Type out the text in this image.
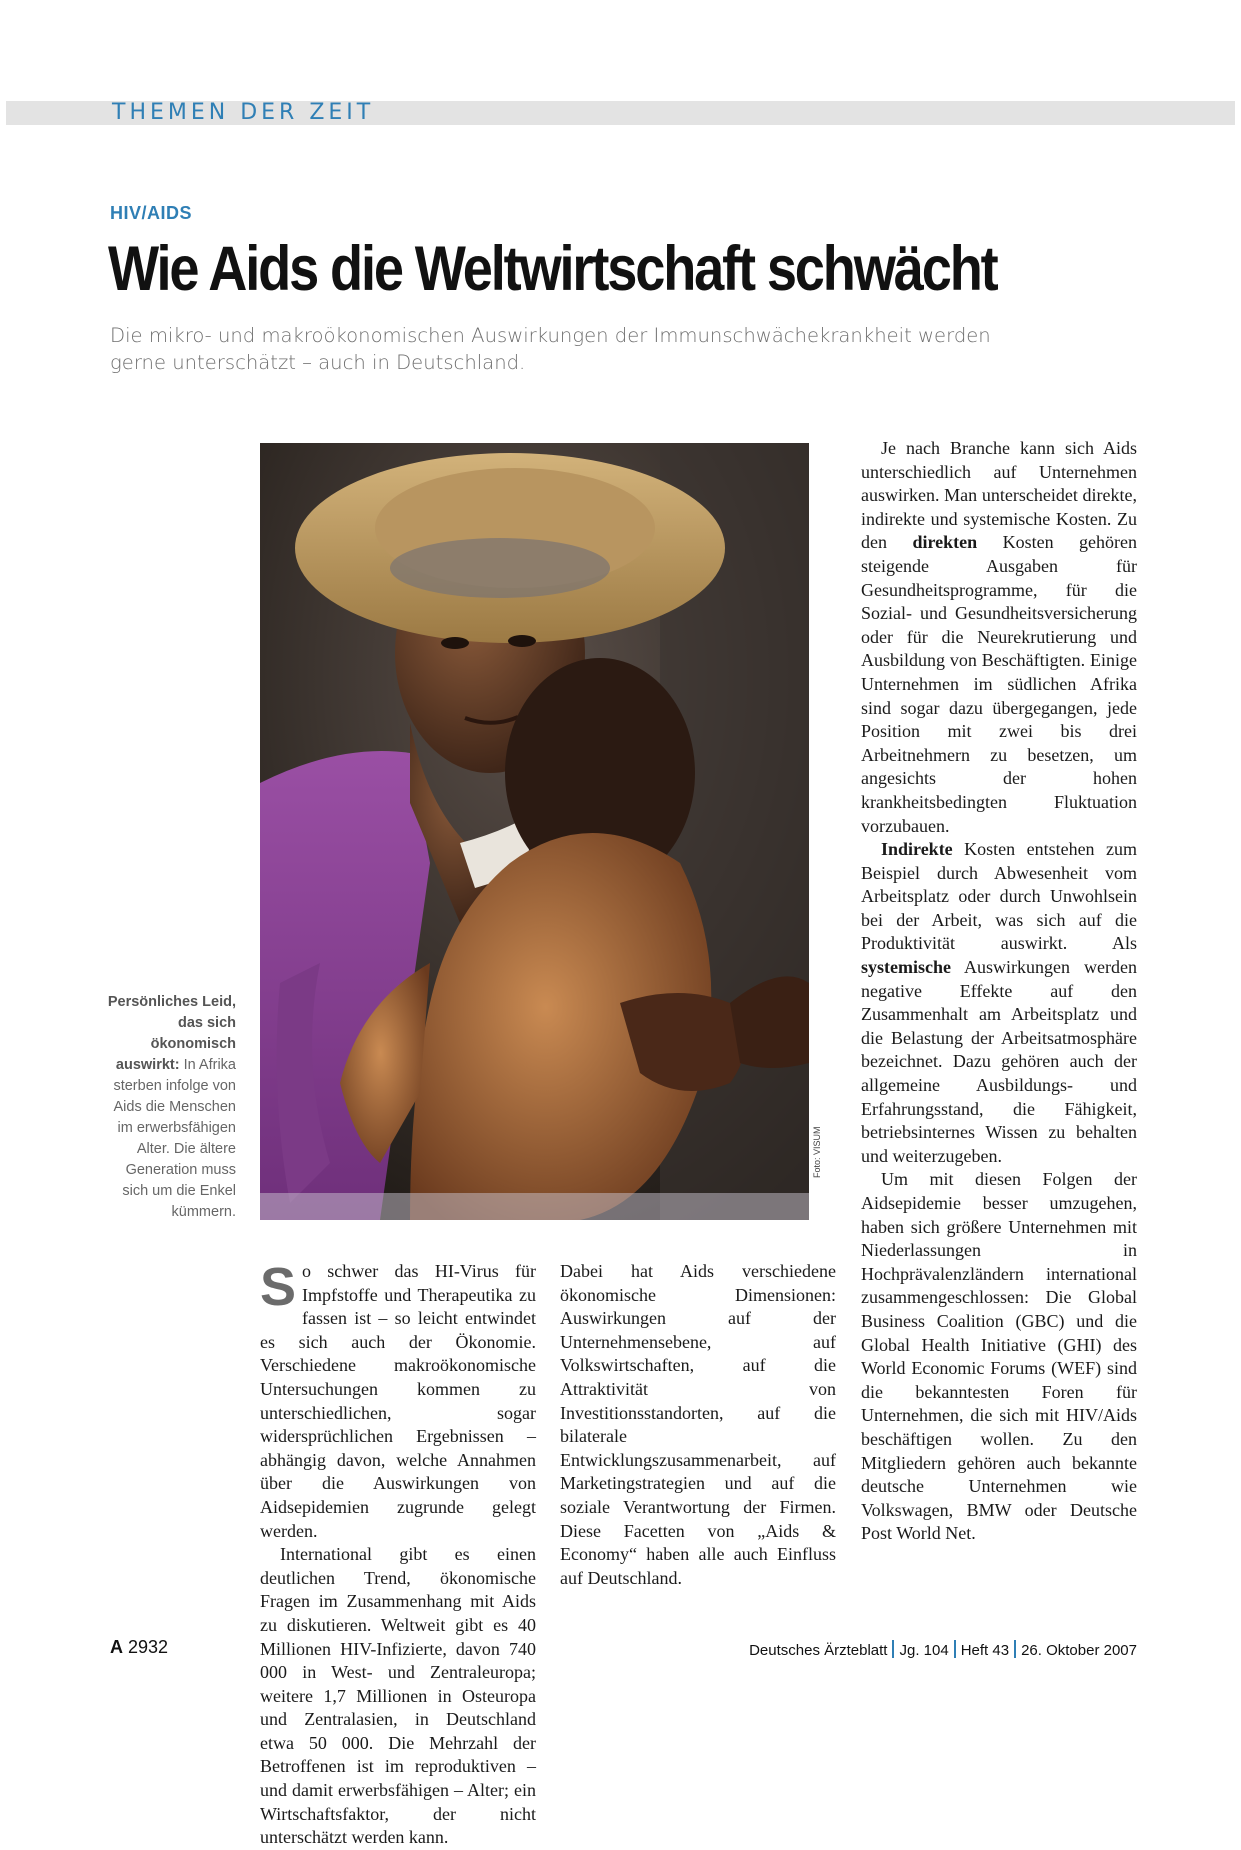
THEMEN DER ZEIT
HIV/AIDS
Wie Aids die Weltwirtschaft schwächt
Die mikro- und makroökonomischen Auswirkungen der Immunschwächekrankheit werden gerne unterschätzt – auch in Deutschland.
Foto: VISUM
Persönliches Leid, das sich ökonomisch auswirkt: In Afrika sterben infolge von Aids die Menschen im erwerbsfähigen Alter. Die ältere Generation muss sich um die Enkel kümmern.

So schwer das HI-Virus für Impfstoffe und Therapeutika zu fassen ist – so leicht entwindet es sich auch der Ökonomie. Verschiedene makroökonomische Untersuchungen kommen zu unterschiedlichen, sogar widersprüchlichen Ergebnissen – abhängig davon, welche Annahmen über die Auswirkungen von Aidsepidemien zugrunde gelegt werden.

International gibt es einen deutlichen Trend, ökonomische Fragen im Zusammenhang mit Aids zu diskutieren. Weltweit gibt es 40 Millionen HIV-Infizierte, davon 740 000 in West- und Zentraleuropa; weitere 1,7 Millionen in Osteuropa und Zentralasien, in Deutschland etwa 50 000. Die Mehrzahl der Betroffenen ist im reproduktiven – und damit erwerbsfähigen – Alter; ein Wirtschaftsfaktor, der nicht unterschätzt werden kann.

Dabei hat Aids verschiedene ökonomische Dimensionen: Auswirkungen auf der Unternehmensebene, auf Volkswirtschaften, auf die Attraktivität von Investitionsstandorten, auf die bilaterale Entwicklungszusammenarbeit, auf Marketingstrategien und auf die soziale Verantwortung der Firmen. Diese Facetten von „Aids & Economy“ haben alle auch Einfluss auf Deutschland.

Je nach Branche kann sich Aids unterschiedlich auf Unternehmen auswirken. Man unterscheidet direkte, indirekte und systemische Kosten. Zu den direkten Kosten gehören steigende Ausgaben für Gesundheitsprogramme, für die Sozial- und Gesundheitsversicherung oder für die Neurekrutierung und Ausbildung von Beschäftigten. Einige Unternehmen im südlichen Afrika sind sogar dazu übergegangen, jede Position mit zwei bis drei Arbeitnehmern zu besetzen, um angesichts der hohen krankheitsbedingten Fluktuation vorzubauen.

Indirekte Kosten entstehen zum Beispiel durch Abwesenheit vom Arbeitsplatz oder durch Unwohlsein bei der Arbeit, was sich auf die Produktivität auswirkt. Als systemische Auswirkungen werden negative Effekte auf den Zusammenhalt am Arbeitsplatz und die Belastung der Arbeitsatmosphäre bezeichnet. Dazu gehören auch der allgemeine Ausbildungs- und Erfahrungsstand, die Fähigkeit, betriebsinternes Wissen zu behalten und weiterzugeben.

Um mit diesen Folgen der Aidsepidemie besser umzugehen, haben sich größere Unternehmen mit Niederlassungen in Hochprävalenzländern international zusammengeschlossen: Die Global Business Coalition (GBC) und die Global Health Initiative (GHI) des World Economic Forums (WEF) sind die bekanntesten Foren für Unternehmen, die sich mit HIV/Aids beschäftigen wollen. Zu den Mitgliedern gehören auch bekannte deutsche Unternehmen wie Volkswagen, BMW oder Deutsche Post World Net.

A 2932	Deutsches Ärzteblatt Jg. 104 Heft 43 26. Oktober 2007
